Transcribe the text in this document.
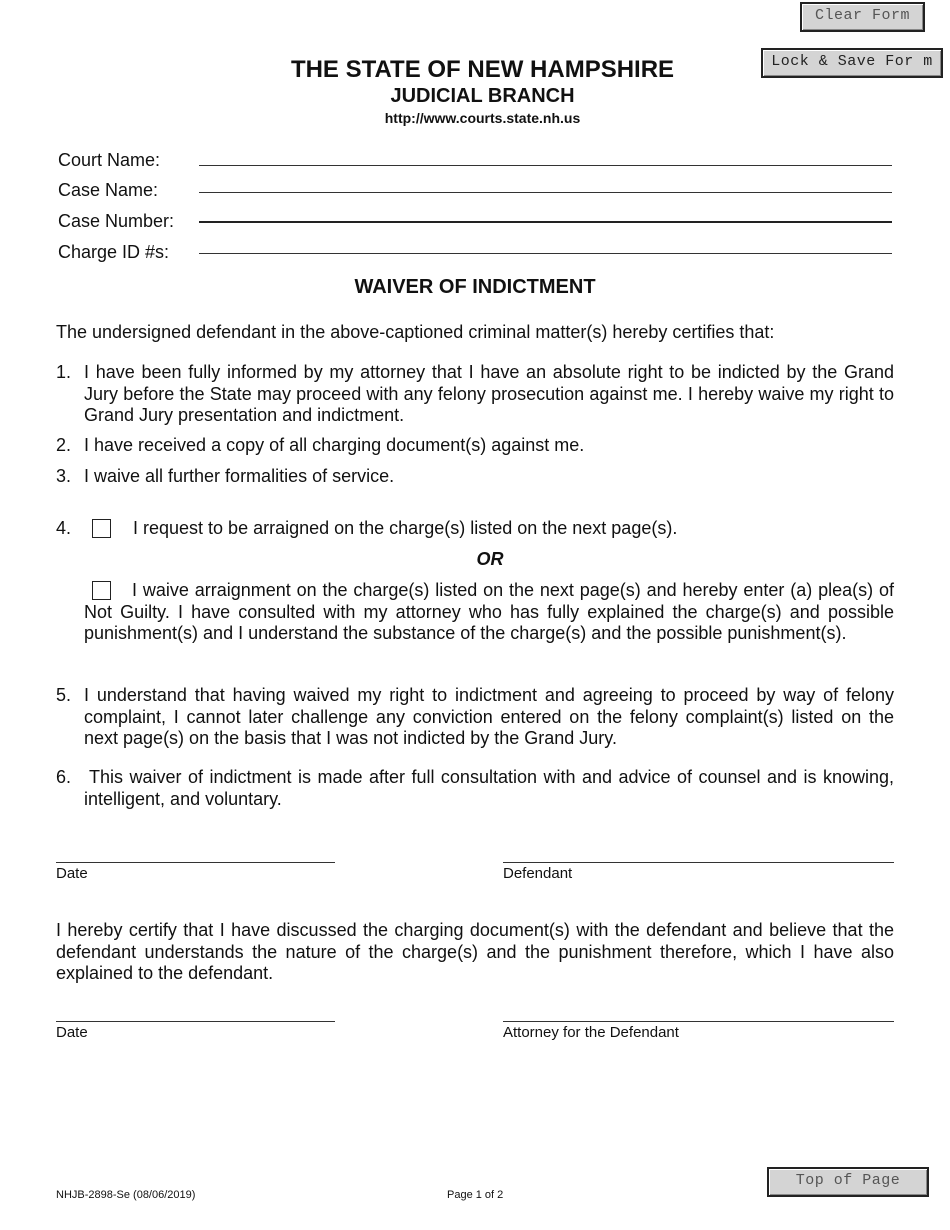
Clear Form
Lock & Save For m
THE STATE OF NEW HAMPSHIRE
JUDICIAL BRANCH
http://www.courts.state.nh.us
Court Name:
Case Name:
Case Number:
Charge ID #s:
WAIVER OF INDICTMENT
The undersigned defendant in the above-captioned criminal matter(s) hereby certifies that:
1. I have been fully informed by my attorney that I have an absolute right to be indicted by the Grand Jury before the State may proceed with any felony prosecution against me. I hereby waive my right to Grand Jury presentation and indictment.
2. I have received a copy of all charging document(s) against me.
3. I waive all further formalities of service.
4.	I request to be arraigned on the charge(s) listed on the next page(s).
OR
I waive arraignment on the charge(s) listed on the next page(s) and hereby enter (a) plea(s) of Not Guilty. I have consulted with my attorney who has fully explained the charge(s) and possible punishment(s) and I understand the substance of the charge(s) and the possible punishment(s).
5. I understand that having waived my right to indictment and agreeing to proceed by way of felony complaint, I cannot later challenge any conviction entered on the felony complaint(s) listed on the next page(s) on the basis that I was not indicted by the Grand Jury.
6. This waiver of indictment is made after full consultation with and advice of counsel and is knowing, intelligent, and voluntary.
Date	Defendant
I hereby certify that I have discussed the charging document(s) with the defendant and believe that the defendant understands the nature of the charge(s) and the punishment therefore, which I have also explained to the defendant.
Date	Attorney for the Defendant
Top of Page
NHJB-2898-Se (08/06/2019)	Page 1 of 2
